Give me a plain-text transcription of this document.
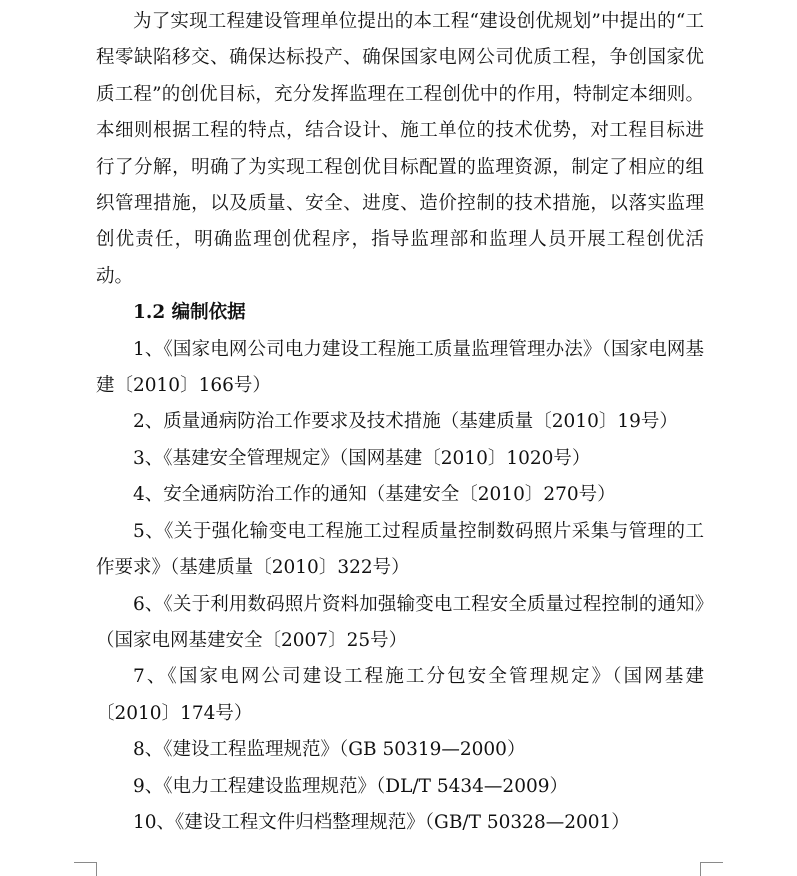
为了实现工程建设管理单位提出的本工程“建设创优规划”中提出的“工程零缺陷移交、确保达标投产、确保国家电网公司优质工程，争创国家优质工程”的创优目标，充分发挥监理在工程创优中的作用，特制定本细则。本细则根据工程的特点，结合设计、施工单位的技术优势，对工程目标进行了分解，明确了为实现工程创优目标配置的监理资源，制定了相应的组织管理措施，以及质量、安全、进度、造价控制的技术措施，以落实监理创优责任，明确监理创优程序，指导监理部和监理人员开展工程创优活动。

1.2 编制依据

1、《国家电网公司电力建设工程施工质量监理管理办法》（国家电网基建〔2010〕166号）

2、质量通病防治工作要求及技术措施（基建质量〔2010〕19号）

3、《基建安全管理规定》（国网基建〔2010〕1020号）

4、安全通病防治工作的通知（基建安全〔2010〕270号）

5、《关于强化输变电工程施工过程质量控制数码照片采集与管理的工作要求》（基建质量〔2010〕322号）

6、《关于利用数码照片资料加强输变电工程安全质量过程控制的通知》（国家电网基建安全〔2007〕25号）

7、《国家电网公司建设工程施工分包安全管理规定》（国网基建〔2010〕174号）

8、《建设工程监理规范》（GB 50319—2000）

9、《电力工程建设监理规范》（DL/T 5434—2009）

10、《建设工程文件归档整理规范》（GB/T 50328—2001）
